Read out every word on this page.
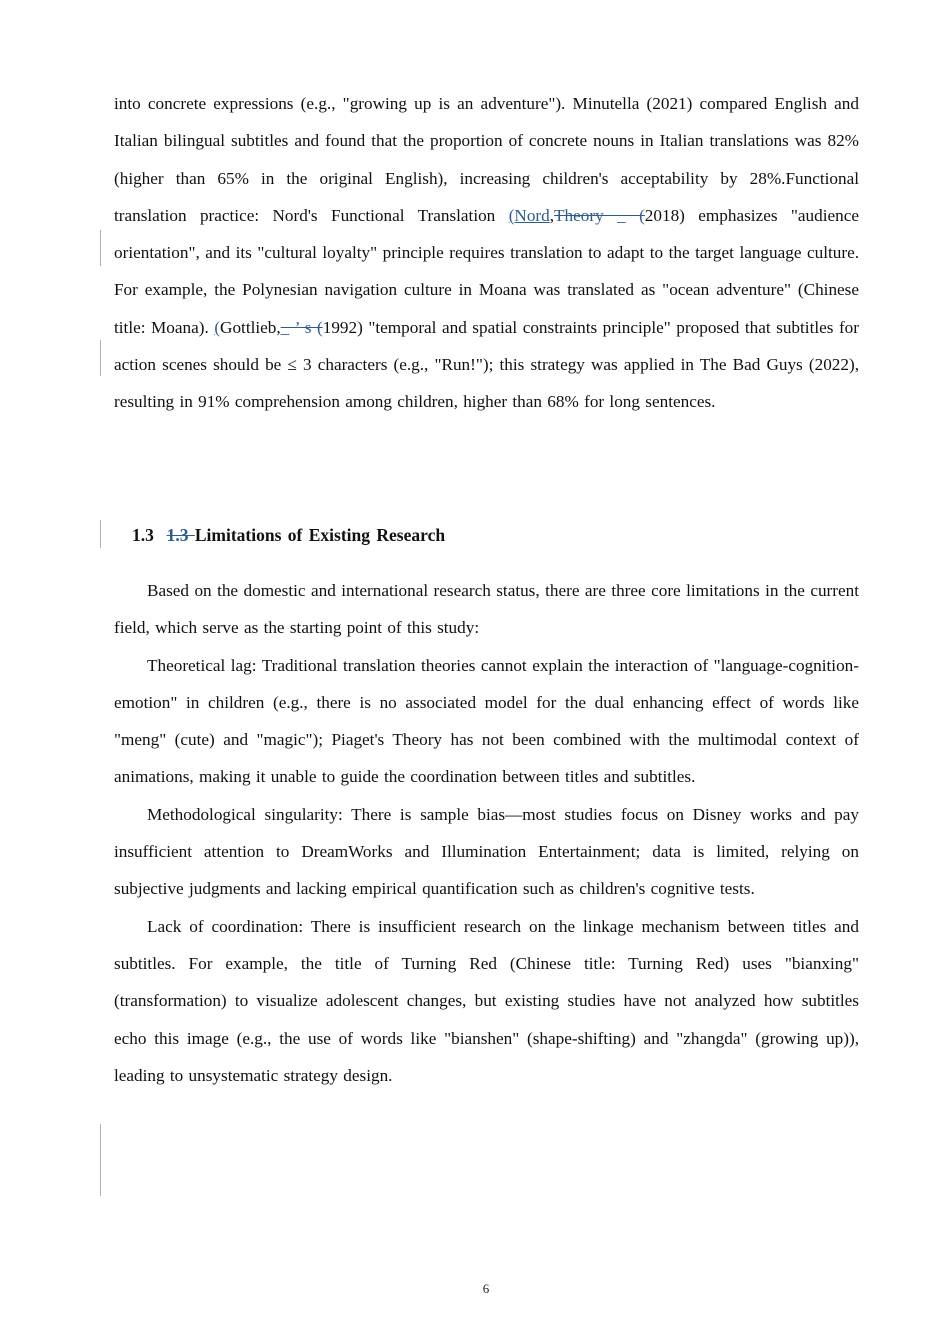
into concrete expressions (e.g., "growing up is an adventure"). Minutella (2021) compared English and Italian bilingual subtitles and found that the proportion of concrete nouns in Italian translations was 82% (higher than 65% in the original English), increasing children's acceptability by 28%.Functional translation practice: Nord's Functional Translation (Nord,Theory _ (2018) emphasizes "audience orientation", and its "cultural loyalty" principle requires translation to adapt to the target language culture. For example, the Polynesian navigation culture in Moana was translated as "ocean adventure" (Chinese title: Moana). (Gottlieb,_ ’ s (1992) "temporal and spatial constraints principle" proposed that subtitles for action scenes should be ≤ 3 characters (e.g., "Run!"); this strategy was applied in The Bad Guys (2022), resulting in 91% comprehension among children, higher than 68% for long sentences.
1.3 1.3 Limitations of Existing Research

Based on the domestic and international research status, there are three core limitations in the current field, which serve as the starting point of this study:

Theoretical lag: Traditional translation theories cannot explain the interaction of "language-cognition-emotion" in children (e.g., there is no associated model for the dual enhancing effect of words like "meng" (cute) and "magic"); Piaget's Theory has not been combined with the multimodal context of animations, making it unable to guide the coordination between titles and subtitles.

Methodological singularity: There is sample bias—most studies focus on Disney works and pay insufficient attention to DreamWorks and Illumination Entertainment; data is limited, relying on subjective judgments and lacking empirical quantification such as children's cognitive tests.

Lack of coordination: There is insufficient research on the linkage mechanism between titles and subtitles. For example, the title of Turning Red (Chinese title: Turning Red) uses "bianxing" (transformation) to visualize adolescent changes, but existing studies have not analyzed how subtitles echo this image (e.g., the use of words like "bianshen" (shape-shifting) and "zhangda" (growing up)), leading to unsystematic strategy design.

6
